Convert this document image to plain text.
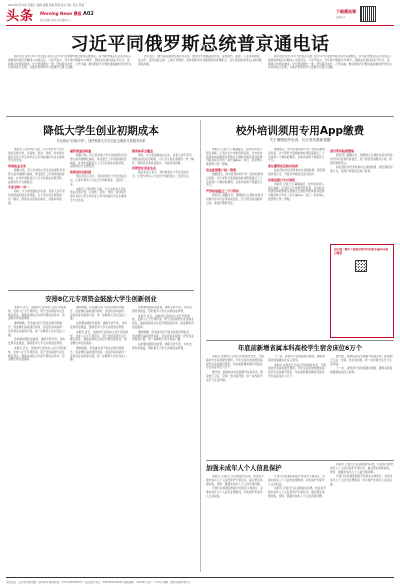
2024年5月18日 星期六 编辑 黄鹏 美编 陈睿 校对 郑乐 签发 陈睿
头条 Morning News 晨报 A02
责任编辑 张明 美术编辑 王一
下载晨视频
扫码关注
习近平同俄罗斯总统普京通电话

新华社北京5月17日电 国家主席习近平17日同俄罗斯总统普京通电话。双方就中俄关系及共同关心的国际和地区问题深入交换意见。习近平指出，今年是中俄建交75周年，两国关系保持高水平运行，各领域合作稳步推进。中方愿同俄方一道，坚持睦邻友好、合作共赢，推动新时代中俄全面战略协作伙伴关系持续深入发展，为维护世界和平与发展作出更大贡献。

普京表示，俄方高度重视发展对华关系，愿同中方加强高层交往，深化经贸、能源、人文等领域务实合作，密切在联合国、上海合作组织、金砖国家等多边框架内的协调配合。双方同意就共同关心的问题保持沟通。

新华社北京5月17日电 国家主席习近平17日同俄罗斯总统普京通电话。双方就中俄关系及共同关心的国际和地区问题深入交换意见。习近平指出，今年是中俄建交75周年，两国关系保持高水平运行，各领域合作稳步推进。中方愿同俄方一道，坚持睦邻友好、合作共赢，推动新时代中俄全面战略协作伙伴关系持续深入发展，为维护世界和平与发展作出更大贡献。

降低大学生创业初期成本
长沙推出"启航计划"，加快构建大学生创业全链条支持服务体系

本报讯 记者李明 日前，长沙市发布大学生创业启航计划，从场地、资金、导师、培训等方面为在校大学生和毕业五年内的高校毕业生提供全方位支持。

场地租金全免

根据计划，符合条件的大学生创业团队可免费入驻市级孵化基地，享受最长三年的场地租金减免，并可申请最高五十万元的创业担保贷款，由财政给予全额贴息。

专业导师一对一

同时，长沙将组建由企业家、投资人和专家学者组成的创业导师团，为大学生创业者提供一对一辅导，帮助其完善商业模式，对接市场资源。

融资渠道更畅通

根据计划，符合条件的大学生创业团队可免费入驻市级孵化基地，享受最长三年的场地租金减免，并可申请最高五十万元的创业担保贷款，由财政给予全额贴息。

政策宣传进校园

相关负责人表示，将持续优化大学生创业生态，让更多青年人才在长沙创新创业、安居乐业。

本报讯 记者李明 日前，长沙市发布大学生创业启航计划，从场地、资金、导师、培训等方面为在校大学生和毕业五年内的高校毕业生提供全方位支持。

服务体系全覆盖

同时，长沙将组建由企业家、投资人和专家学者组成的创业导师团，为大学生创业者提供一对一辅导，帮助其完善商业模式，对接市场资源。

持续优化创业生态

相关负责人表示，将持续优化大学生创业生态，让更多青年人才在长沙创新创业、安居乐业。

安排8亿元专项资金鼓励大学生创新创业

本报讯 近日，省财政厅会同省人社厅印发通知，安排八亿元专项资金，用于支持高校毕业生就业创业，鼓励各地结合实际开展创业培训、创业孵化和创业服务。

通知明确，资金重点用于创业担保贷款贴息、创业孵化基地建设补助、创业培训补贴和一次性创业补贴等方面，进一步降低大学生创业门槛。

各地要加强资金监管，确保专款专用，切实发挥资金效益，帮助更多大学生实现创业梦想。

本报讯 近日，省财政厅会同省人社厅印发通知，安排八亿元专项资金，用于支持高校毕业生就业创业，鼓励各地结合实际开展创业培训、创业孵化和创业服务。

通知明确，资金重点用于创业担保贷款贴息、创业孵化基地建设补助、创业培训补贴和一次性创业补贴等方面，进一步降低大学生创业门槛。

各地要加强资金监管，确保专款专用，切实发挥资金效益，帮助更多大学生实现创业梦想。

本报讯 近日，省财政厅会同省人社厅印发通知，安排八亿元专项资金，用于支持高校毕业生就业创业，鼓励各地结合实际开展创业培训、创业孵化和创业服务。

通知明确，资金重点用于创业担保贷款贴息、创业孵化基地建设补助、创业培训补贴和一次性创业补贴等方面，进一步降低大学生创业门槛。

各地要加强资金监管，确保专款专用，切实发挥资金效益，帮助更多大学生实现创业梦想。

本报讯 近日，省财政厅会同省人社厅印发通知，安排八亿元专项资金，用于支持高校毕业生就业创业，鼓励各地结合实际开展创业培训、创业孵化和创业服务。

通知明确，资金重点用于创业担保贷款贴息、创业孵化基地建设补助、创业培训补贴和一次性创业补贴等方面，进一步降低大学生创业门槛。

各地要加强资金监管，确保专款专用，切实发挥资金效益，帮助更多大学生实现创业梦想。

校外培训须用专用App缴费
关于暑期校外培训，长沙发布最新提醒

本报讯 记者王芳 暑期临近，校外培训进入报名高峰。记者从长沙市教育局获悉，全市校外培训机构收费须全部通过全国校外教育培训监管与服务综合平台（家长端App）进行，资金纳入监管账户统一管理。

资金监管账户统一管理

根据规定，校外培训机构不得一次性收取或以充值、次卡等形式变相收取时间跨度超过三个月或者六十课时的费用，且单次收费不得超过五千元。

严禁收取超过三个月费用

教育部门提醒家长，缴费前应认真核实培训机构办学许可证等资质信息，签订规范培训服务合同，保留好缴费凭证。

根据规定，校外培训机构不得一次性收取或以充值、次卡等形式变相收取时间跨度超过三个月或者六十课时的费用，且单次收费不得超过五千元。

家长缴费前应核实资质

如发现校外培训机构存在违规收费、超范围培训等行为，可拨打举报电话进行投诉。

发现违规行为可举报

本报讯 记者王芳 暑期临近，校外培训进入报名高峰。记者从长沙市教育局获悉，全市校外培训机构收费须全部通过全国校外教育培训监管与服务综合平台（家长端App）进行，资金纳入监管账户统一管理。

预付费风险须警惕

教育部门提醒家长，缴费前应认真核实培训机构办学许可证等资质信息，签订规范培训服务合同，保留好缴费凭证。

如发现校外培训机构存在违规收费、超范围培训等行为，可拨打举报电话进行投诉。

请扫描二维码下载使用校外培训家长端App进行缴费
年底前新增省属本科高校学生宿舍床位6万个

本报讯 省教育厅日前召开新闻发布会，介绍高校学生宿舍建设情况。今年全省将加快推进高校学生宿舍建设项目，年底前新增省属本科高校学生宿舍床位六万个。

据介绍，新建宿舍将全面提升住宿条件，配备独立卫浴、空调、热水等设施，进一步改善学生学习生活环境。

下一步，省教育厅将加强项目调度，确保各项目按期建成并投入使用。

本报讯 省教育厅日前召开新闻发布会，介绍高校学生宿舍建设情况。今年全省将加快推进高校学生宿舍建设项目，年底前新增省属本科高校学生宿舍床位六万个。

据介绍，新建宿舍将全面提升住宿条件，配备独立卫浴、空调、热水等设施，进一步改善学生学习生活环境。

下一步，省教育厅将加强项目调度，确保各项目按期建成并投入使用。

加强未成年人个人信息保护

本报讯 记者近日从省网信办获悉，我省将开展未成年人个人信息保护专项行动，重点整治违规收集、使用、泄露未成年人个人信息等问题。

专项行动将督促网络平台落实主体责任，完善未成年人个人信息处理规则，切实保护未成年人合法权益。

专项行动将督促网络平台落实主体责任，完善未成年人个人信息处理规则，切实保护未成年人合法权益。

本报讯 记者近日从省网信办获悉，我省将开展未成年人个人信息保护专项行动，重点整治违规收集、使用、泄露未成年人个人信息等问题。

本报讯 记者近日从省网信办获悉，我省将开展未成年人个人信息保护专项行动，重点整治违规收集、使用、泄露未成年人个人信息等问题。

专项行动将督促网络平台落实主体责任，完善未成年人个人信息处理规则，切实保护未成年人合法权益。

本版地址：长沙市芙蓉中路一段442号 新闻热线：0731-84326000 广告经营许可证：4300004000045 邮政编码：410005 定价：1.50元 印刷：湖南日报印务中心
